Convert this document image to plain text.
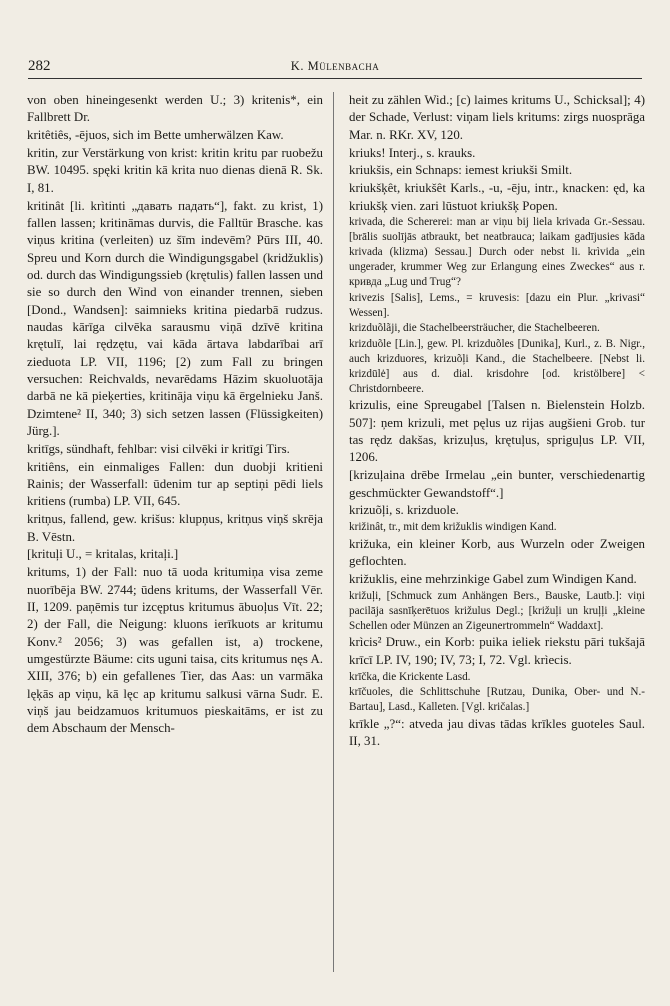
282	K. Mülenbacha

von oben hineingesenkt werden U.; 3) kritenis*, ein Fallbrett Dr.

kritêtiês, -ējuos, sich im Bette umherwälzen Kaw.

kritin, zur Verstärkung von krist: kritin kritu par ruobežu BW. 10495. spęki kritin kā krita nuo dienas dienā R. Sk. I, 81.

kritinât [li. krìtinti „давать падать“], fakt. zu krist, 1) fallen lassen; kritināmas durvis, die Falltür Brasche. kas viņus kritina (verleiten) uz šīm indevēm? Pūrs III, 40. Spreu und Korn durch die Windigungsgabel (kridžuklis) od. durch das Windigungssieb (krętulis) fallen lassen und sie so durch den Wind von einander trennen, sieben [Dond., Wandsen]: saimnieks kritina piedarbā rudzus. naudas kārīga cilvēka sarausmu viņā dzīvē kritina krętulī, lai rędzętu, vai kāda ārtava labdarībai arī zieduota LP. VII, 1196; [2) zum Fall zu bringen versuchen: Reichvalds, nevarēdams Hāzim skuoluotāja darbā ne kā pieķerties, kritināja viņu kā ērgelnieku Janš. Dzimtene² II, 340; 3) sich setzen lassen (Flüssigkeiten) Jürg.].

kritīgs, sündhaft, fehlbar: visi cilvēki ir kritīgi Tirs.

kritiêns, ein einmaliges Fallen: dun duobji kritieni Rainis; der Wasserfall: ūdenim tur ap septiņi pēdi liels kritiens (rumba) LP. VII, 645.

kritņus, fallend, gew. krišus: klupņus, kritņus viņš skrēja B. Vēstn.

[krituļi U., = kritalas, kritaļi.]

kritums, 1) der Fall: nuo tā uoda kritumiņa visa zeme nuorībēja BW. 2744; ūdens kritums, der Wasserfall Vēr. II, 1209. paņēmis tur izcęptus kritumus ābuoļus Vīt. 22; 2) der Fall, die Neigung: kluons ierīkuots ar kritumu Konv.² 2056; 3) was gefallen ist, a) trockene, umgestürzte Bäume: cits uguni taisa, cits kritumus nęs A. XIII, 376; b) ein gefallenes Tier, das Aas: un varmāka lęķās ap viņu, kā lęc ap kritumu salkusi vārna Sudr. E. viņš jau beidzamuos kritumuos pieskaitāms, er ist zu dem Abschaum der Mensch-

heit zu zählen Wid.; [c) laimes kritums U., Schicksal]; 4) der Schade, Verlust: viņam liels kritums: zirgs nuosprāga Mar. n. RKr. XV, 120.

kriuks! Interj., s. krauks.

kriukšis, ein Schnaps: iemest kriukši Smilt.

kriukšķêt, kriukšêt Karls., -u, -ēju, intr., knacken: ęd, ka kriukšķ vien. zari lūstuot kriukšķ Popen.

krivada, die Schererei: man ar viņu bij liela krivada Gr.-Sessau. [brālis suolījās atbraukt, bet neatbrauca; laikam gadījusies kāda krivada (klizma) Sessau.] Durch oder nebst li. krìvida „ein ungerader, krummer Weg zur Erlangung eines Zweckes“ aus r. кривда „Lug und Trug“?

krivezis [Salis], Lems., = kruvesis: [dazu ein Plur. „krivasi“ Wessen].

krizduõlãji, die Stachelbeersträucher, die Stachelbeeren.

krizduõle [Lin.], gew. Pl. krizduõles [Dunika], Kurl., z. B. Nigr., auch krizduores, krizuõļi Kand., die Stachelbeere. [Nebst li. krizdūlė] aus d. dial. krisdohre [od. kristölbere] < Christdornbeere.

krizulis, eine Spreugabel [Talsen n. Bielenstein Holzb. 507]: ņem krizuli, met pęlus uz rijas augšieni Grob. tur tas rędz dakšas, krizuļus, krętuļus, spriguļus LP. VII, 1206.

[krizuļaina drēbe Irmelau „ein bunter, verschiedenartig geschmückter Gewandstoff“.]

krizuõļi, s. krizduole.

križinât, tr., mit dem križuklis windigen Kand.

križuka, ein kleiner Korb, aus Wurzeln oder Zweigen geflochten.

križuklis, eine mehrzinkige Gabel zum Windigen Kand.

križuļi, [Schmuck zum Anhängen Bers., Bauske, Lautb.]: viņi pacilāja sasnīķerētuos križulus Degl.; [križuļi un kruļļi „kleine Schellen oder Münzen an Zigeunertrommeln“ Waddaxt].

krìcis² Druw., ein Korb: puika ieliek riekstu pāri tukšajā krīcī LP. IV, 190; IV, 73; I, 72. Vgl. krìecis.

krīčka, die Krickente Lasd.

krīčuoles, die Schlittschuhe [Rutzau, Dunika, Ober- und N.-Bartau], Lasd., Kalleten. [Vgl. kričalas.]

krīkle „?“: atveda jau divas tādas krīkles guoteles Saul. II, 31.
